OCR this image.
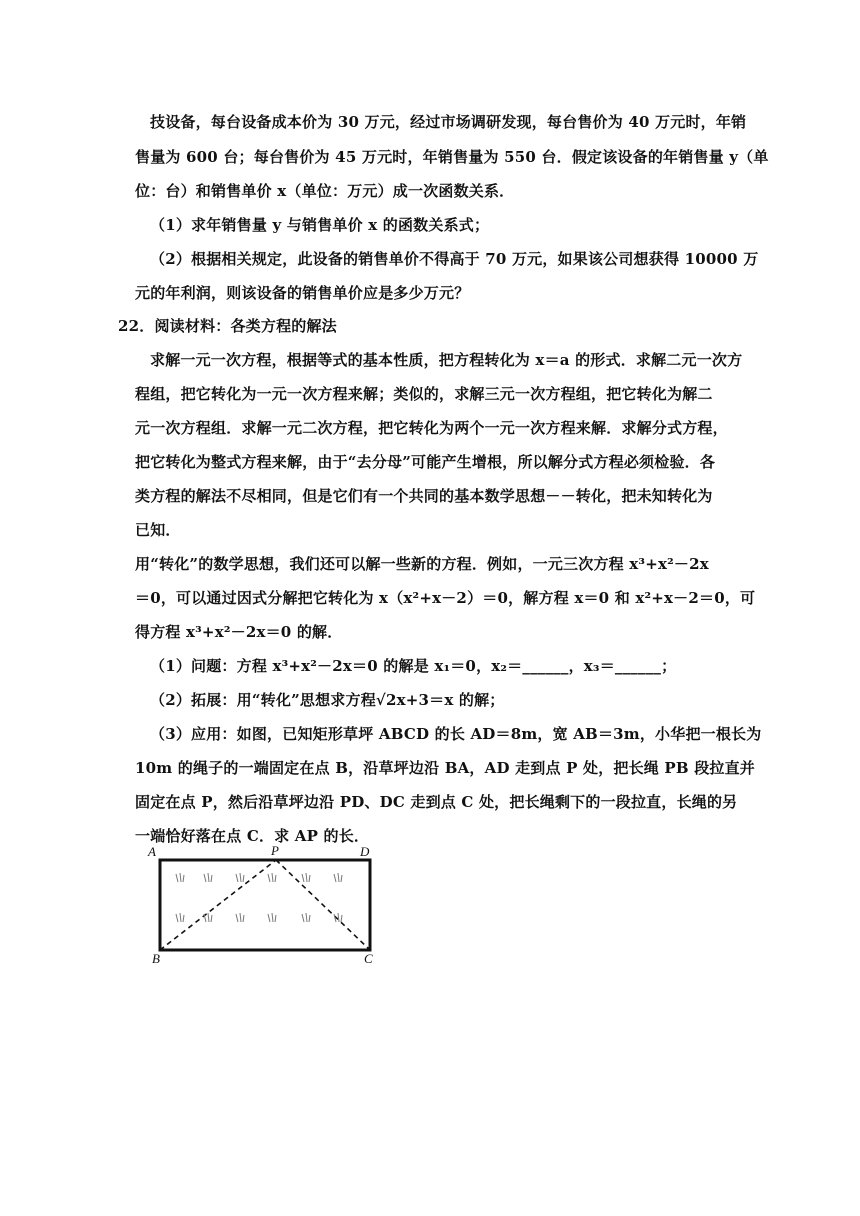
技设备，每台设备成本价为 30 万元，经过市场调研发现，每台售价为 40 万元时，年销
售量为 600 台；每台售价为 45 万元时，年销售量为 550 台．假定该设备的年销售量 y（单
位：台）和销售单价 x（单位：万元）成一次函数关系．
（1）求年销售量 y 与销售单价 x 的函数关系式；
（2）根据相关规定，此设备的销售单价不得高于 70 万元，如果该公司想获得 10000 万
元的年利润，则该设备的销售单价应是多少万元？
22．阅读材料：各类方程的解法
求解一元一次方程，根据等式的基本性质，把方程转化为 x＝a 的形式．求解二元一次方
程组，把它转化为一元一次方程来解；类似的，求解三元一次方程组，把它转化为解二
元一次方程组．求解一元二次方程，把它转化为两个一元一次方程来解．求解分式方程，
把它转化为整式方程来解，由于“去分母”可能产生增根，所以解分式方程必须检验．各
类方程的解法不尽相同，但是它们有一个共同的基本数学思想－－转化，把未知转化为
已知．
用“转化”的数学思想，我们还可以解一些新的方程．例如，一元三次方程 x³+x²－2x
＝0，可以通过因式分解把它转化为 x（x²+x－2）＝0，解方程 x＝0 和 x²+x－2＝0，可
得方程 x³+x²－2x＝0 的解．
（1）问题：方程 x³+x²－2x＝0 的解是 x₁＝0，x₂＝______，x₃＝______；
（2）拓展：用“转化”思想求方程√2x+3＝x 的解；
（3）应用：如图，已知矩形草坪 ABCD 的长 AD＝8m，宽 AB＝3m，小华把一根长为
10m 的绳子的一端固定在点 B，沿草坪边沿 BA，AD 走到点 P 处，把长绳 PB 段拉直并
固定在点 P，然后沿草坪边沿 PD、DC 走到点 C 处，把长绳剩下的一段拉直，长绳的另
一端恰好落在点 C．求 AP 的长．
A	P	D
B	C
